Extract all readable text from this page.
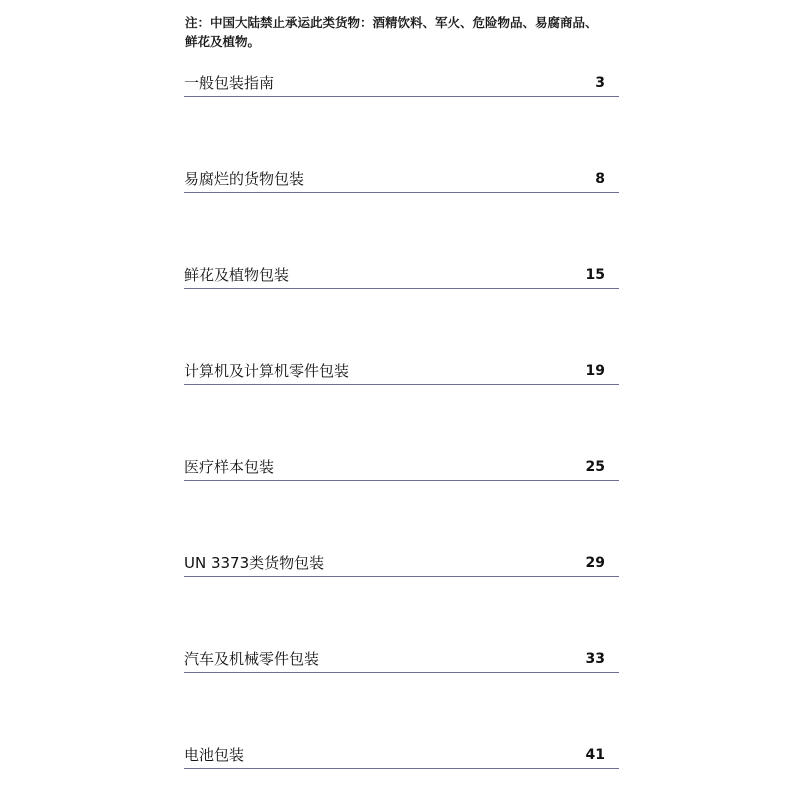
注：中国大陆禁止承运此类货物：酒精饮料、军火、危险物品、易腐商品、
鲜花及植物。
一般包装指南	3
易腐烂的货物包装	8
鲜花及植物包装	15
计算机及计算机零件包装	19
医疗样本包装	25
UN 3373类货物包装	29
汽车及机械零件包装	33
电池包装	41
